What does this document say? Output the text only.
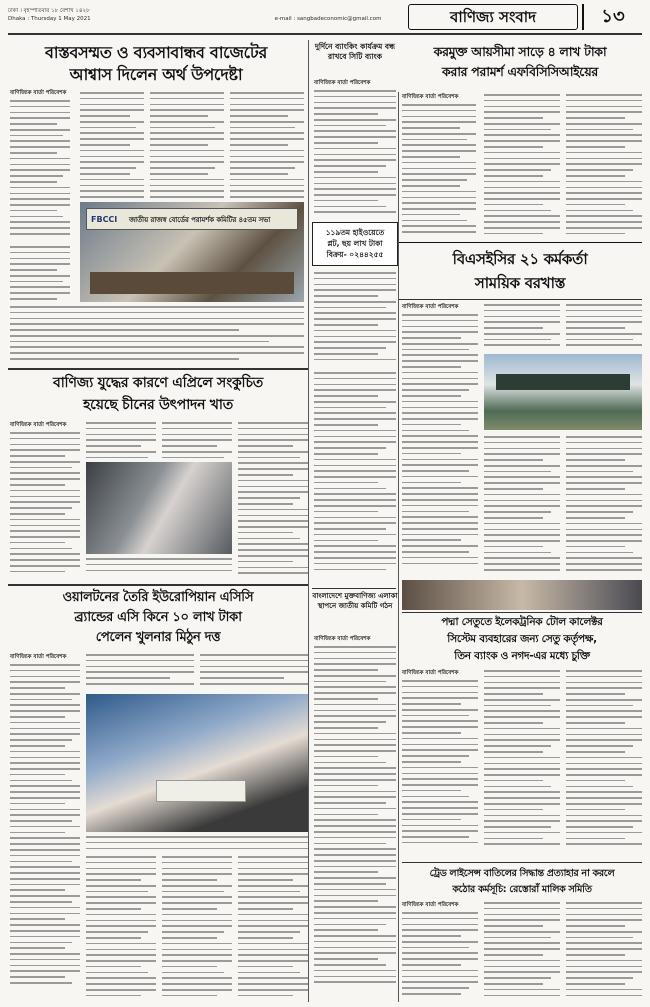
ঢাকা । বৃহস্পতিবার ১৮ বৈশাখ ১৪২৮
Dhaka : Thursday 1 May 2021	e-mail : sangbadeconomic@gmail.com	বাণিজ্য সংবাদ	১৩
বাস্তবসম্মত ও ব্যবসাবান্ধব বাজেটের
আশ্বাস দিলেন অর্থ উপদেষ্টা
বাণিজ্যিক বার্তা পরিবেশক
FBCCI	জাতীয় রাজস্ব বোর্ডের পরামর্শক কমিটির ৪৫তম সভা
দুর্দিনে ব্যাংকিং কার্যক্রম বন্ধ রাখবে সিটি ব্যাংক
বাণিজ্যিক বার্তা পরিবেশক
করমুক্ত আয়সীমা সাড়ে ৪ লাখ টাকা
করার পরামর্শ এফবিসিসিআইয়ের
বাণিজ্যিক বার্তা পরিবেশক
১১৯তম হাইওয়েতে
প্লট, ছয় লাখ টাকা
বিক্রয়- ০২৪৪২৫৫	বিএসইসির ২১ কর্মকর্তা
সাময়িক বরখাস্ত
বাণিজ্যিক বার্তা পরিবেশক
বাণিজ্য যুদ্ধের কারণে এপ্রিলে সংকুচিত
হয়েছে চীনের উৎপাদন খাত
বাণিজ্যিক বার্তা পরিবেশক
ওয়ালটনের তৈরি ইউরোপিয়ান এসিসি
ব্র্যান্ডের এসি কিনে ১০ লাখ টাকা
পেলেন খুলনার মিঠুন দত্ত
বাণিজ্যিক বার্তা পরিবেশক
বাংলাদেশে মুক্তবাণিজ্য এলাকা স্থাপনে জাতীয় কমিটি গঠন
বাণিজ্যিক বার্তা পরিবেশক
পদ্মা সেতুতে ইলেকট্রনিক টোল কালেক্টর
সিস্টেম ব্যবহারের জন্য সেতু কর্তৃপক্ষ,
তিন ব্যাংক ও নগদ-এর মধ্যে চুক্তি
বাণিজ্যিক বার্তা পরিবেশক
ট্রেড লাইসেন্স বাতিলের সিদ্ধান্ত প্রত্যাহার না করলে
কঠোর কর্মসূচি: রেস্তোরাঁ মালিক সমিতি
বাণিজ্যিক বার্তা পরিবেশক
